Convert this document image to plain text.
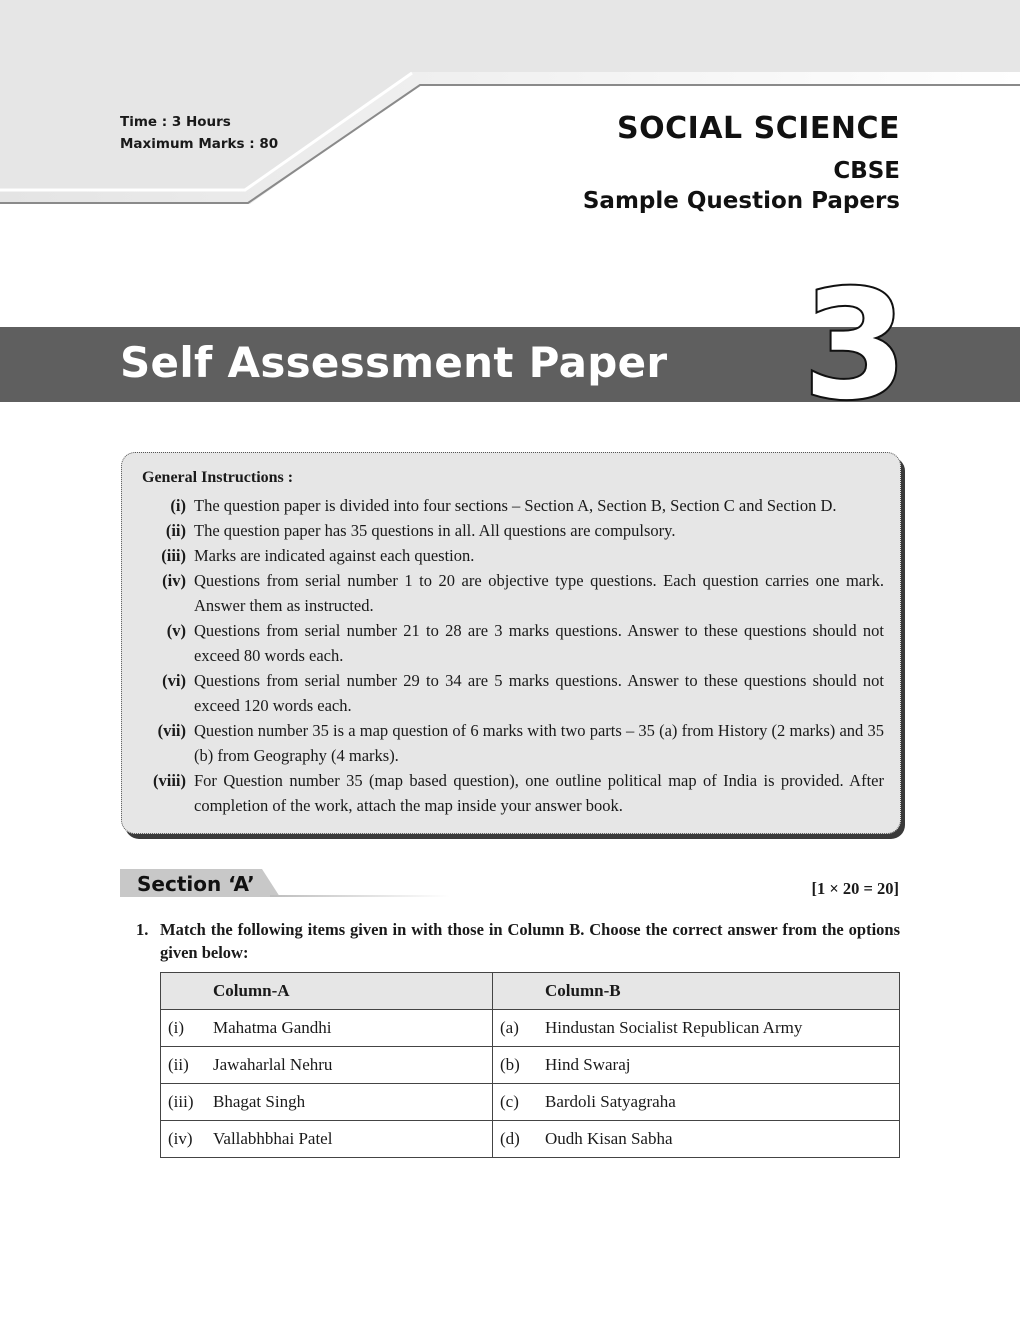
Time : 3 Hours
Maximum Marks : 80	SOCIAL SCIENCE
CBSE
Sample Question Papers
Self Assessment Paper 3
General Instructions :
(i) The question paper is divided into four sections – Section A, Section B, Section C and Section D.
(ii) The question paper has 35 questions in all. All questions are compulsory.
(iii) Marks are indicated against each question.
(iv) Questions from serial number 1 to 20 are objective type questions. Each question carries one mark. Answer them as instructed.
(v) Questions from serial number 21 to 28 are 3 marks questions. Answer to these questions should not exceed 80 words each.
(vi) Questions from serial number 29 to 34 are 5 marks questions. Answer to these questions should not exceed 120 words each.
(vii) Question number 35 is a map question of 6 marks with two parts – 35 (a) from History (2 marks) and 35 (b) from Geography (4 marks).
(viii) For Question number 35 (map based question), one outline political map of India is provided. After completion of the work, attach the map inside your answer book.
Section ‘A’	[1 × 20 = 20]
1. Match the following items given in with those in Column B. Choose the correct answer from the options given below:
Column-A	Column-B

(i) Mahatma Gandhi	(a) Hindustan Socialist Republican Army

(ii) Jawaharlal Nehru	(b) Hind Swaraj

(iii) Bhagat Singh	(c) Bardoli Satyagraha

(iv) Vallabhbhai Patel	(d) Oudh Kisan Sabha
